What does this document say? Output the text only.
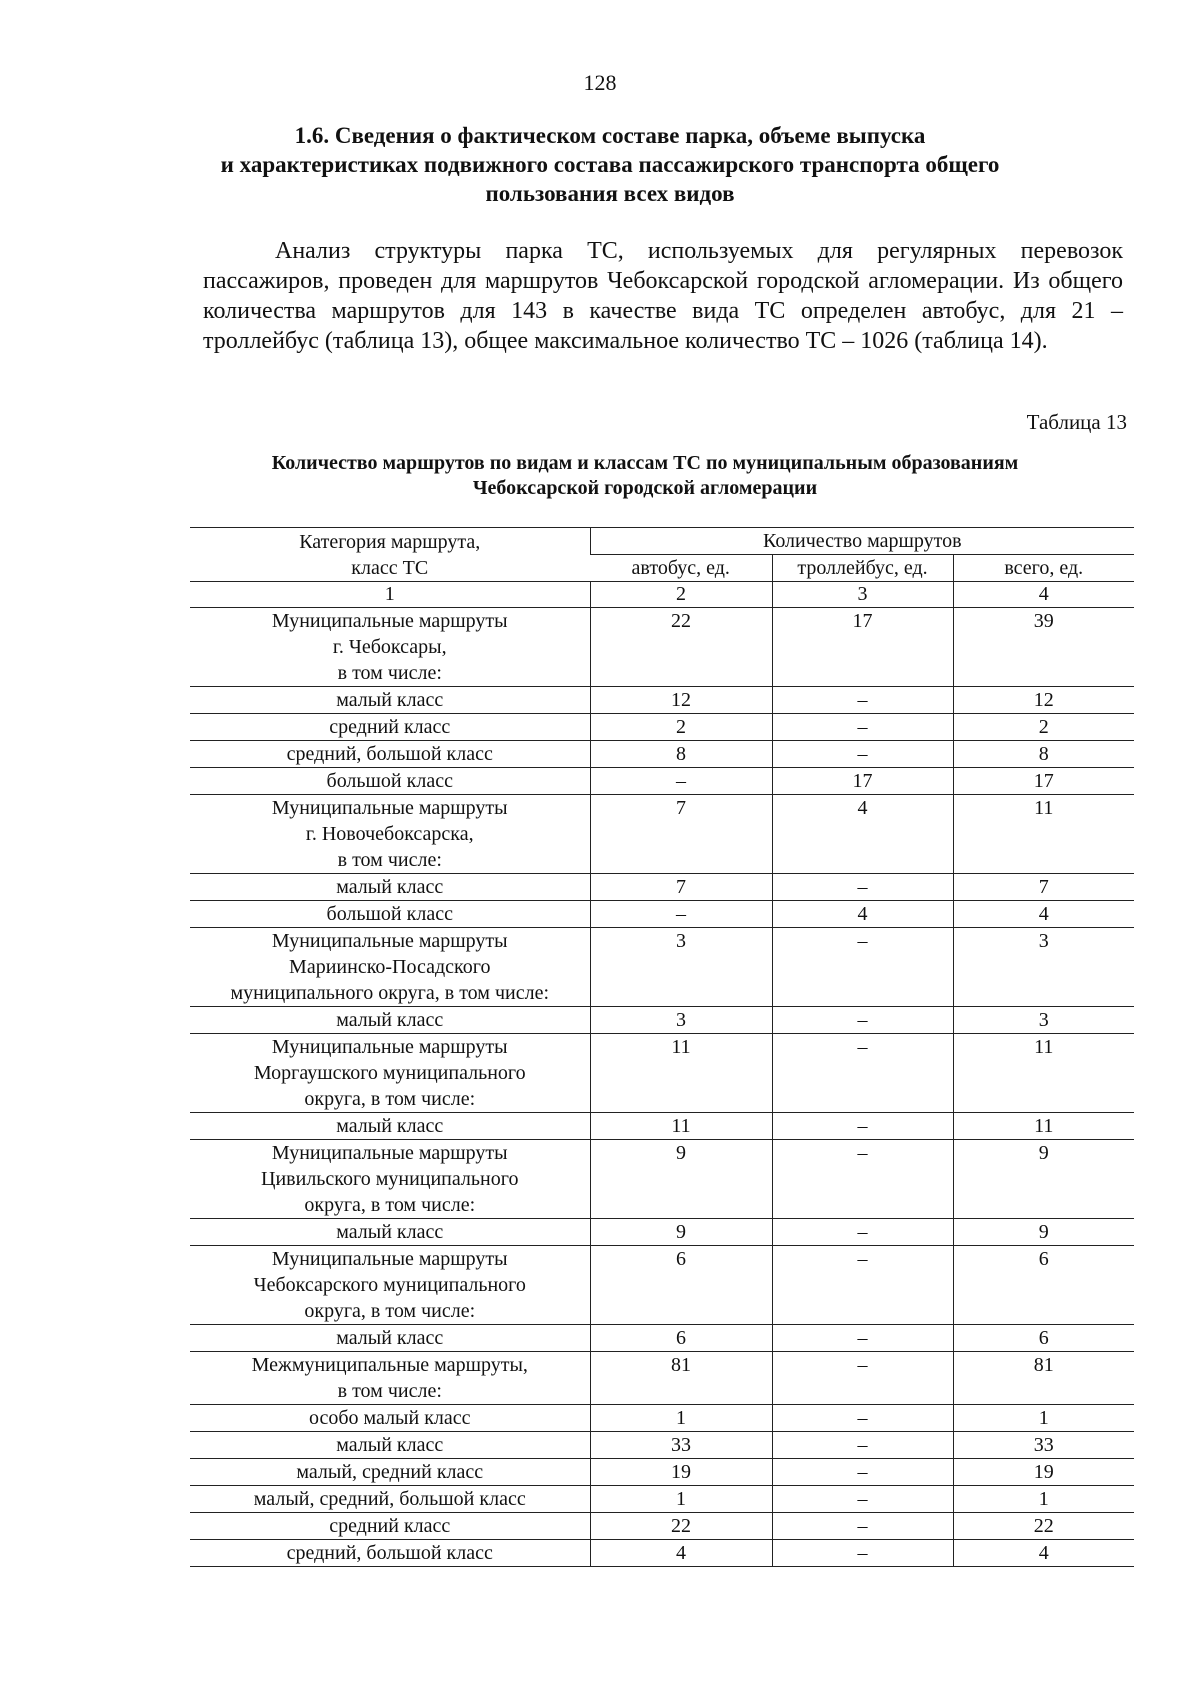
128
1.6. Сведения о фактическом составе парка, объеме выпуска
и характеристиках подвижного состава пассажирского транспорта общего
пользования всех видов
Анализ структуры парка ТС, используемых для регулярных перевозок пассажиров, проведен для маршрутов Чебоксарской городской агломерации. Из общего количества маршрутов для 143 в качестве вида ТС определен автобус, для 21 – троллейбус (таблица 13), общее максимальное количество ТС – 1026 (таблица 14).
Таблица 13
Количество маршрутов по видам и классам ТС по муниципальным образованиям
Чебоксарской городской агломерации
Категория маршрута,
класс ТС	Количество маршрутов		
	автобус, ед.	троллейбус, ед.	всего, ед.
1	2	3	4

Муниципальные маршруты
г. Чебоксары,
в том числе:	22	17	39

малый класс	12	–	12

средний класс	2	–	2

средний, большой класс	8	–	8

большой класс	–	17	17

Муниципальные маршруты
г. Новочебоксарска,
в том числе:	7	4	11

малый класс	7	–	7

большой класс	–	4	4

Муниципальные маршруты
Мариинско-Посадского
муниципального округа, в том числе:	3	–	3

малый класс	3	–	3

Муниципальные маршруты
Моргаушского муниципального
округа, в том числе:	11	–	11

малый класс	11	–	11

Муниципальные маршруты
Цивильского муниципального
округа, в том числе:	9	–	9

малый класс	9	–	9

Муниципальные маршруты
Чебоксарского муниципального
округа, в том числе:	6	–	6

малый класс	6	–	6

Межмуниципальные маршруты,
в том числе:	81	–	81

особо малый класс	1	–	1

малый класс	33	–	33

малый, средний класс	19	–	19

малый, средний, большой класс	1	–	1

средний класс	22	–	22

средний, большой класс	4	–	4
